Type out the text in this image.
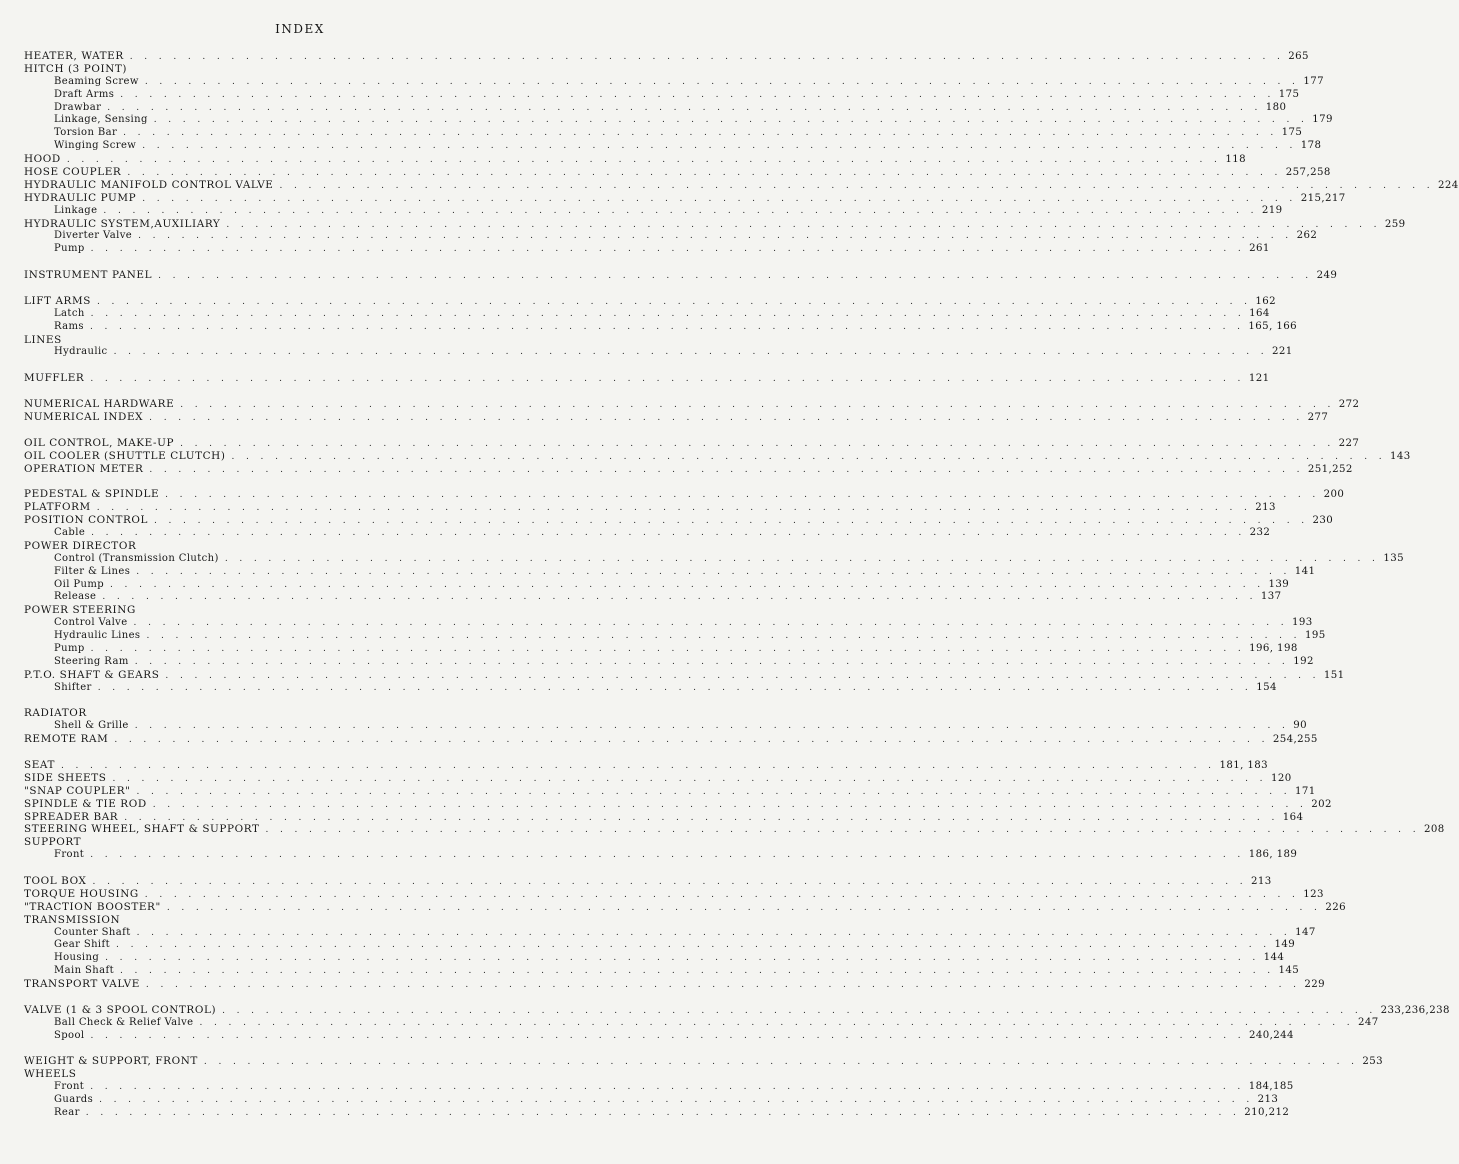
INDEX
HEATER, WATER . . . . . . . . . . . . . . . . . . . . . . . . . . . . . . . . . . . . . . . . . . . . . . . . . . . . . . . . . . . . . . . . . . . . . . . . . . . . . . . . 265
HITCH (3 POINT)
Beaming Screw . . . . . . . . . . . . . . . . . . . . . . . . . . . . . . . . . . . . . . . . . . . . . . . . . . . . . . . . . . . . . . . . . . . . . . . . . . . . . . . . 177
Draft Arms . . . . . . . . . . . . . . . . . . . . . . . . . . . . . . . . . . . . . . . . . . . . . . . . . . . . . . . . . . . . . . . . . . . . . . . . . . . . . . . . 175
Drawbar . . . . . . . . . . . . . . . . . . . . . . . . . . . . . . . . . . . . . . . . . . . . . . . . . . . . . . . . . . . . . . . . . . . . . . . . . . . . . . . . 180
Linkage, Sensing . . . . . . . . . . . . . . . . . . . . . . . . . . . . . . . . . . . . . . . . . . . . . . . . . . . . . . . . . . . . . . . . . . . . . . . . . . . . . . . . 179
Torsion Bar . . . . . . . . . . . . . . . . . . . . . . . . . . . . . . . . . . . . . . . . . . . . . . . . . . . . . . . . . . . . . . . . . . . . . . . . . . . . . . . . 175
Winging Screw . . . . . . . . . . . . . . . . . . . . . . . . . . . . . . . . . . . . . . . . . . . . . . . . . . . . . . . . . . . . . . . . . . . . . . . . . . . . . . . . 178
HOOD . . . . . . . . . . . . . . . . . . . . . . . . . . . . . . . . . . . . . . . . . . . . . . . . . . . . . . . . . . . . . . . . . . . . . . . . . . . . . . . . 118
HOSE COUPLER . . . . . . . . . . . . . . . . . . . . . . . . . . . . . . . . . . . . . . . . . . . . . . . . . . . . . . . . . . . . . . . . . . . . . . . . . . . . . . . . 257,258
HYDRAULIC MANIFOLD CONTROL VALVE . . . . . . . . . . . . . . . . . . . . . . . . . . . . . . . . . . . . . . . . . . . . . . . . . . . . . . . . . . . . . . . . . . . . . . . . . . . . . . . . 224
HYDRAULIC PUMP . . . . . . . . . . . . . . . . . . . . . . . . . . . . . . . . . . . . . . . . . . . . . . . . . . . . . . . . . . . . . . . . . . . . . . . . . . . . . . . . 215,217
Linkage . . . . . . . . . . . . . . . . . . . . . . . . . . . . . . . . . . . . . . . . . . . . . . . . . . . . . . . . . . . . . . . . . . . . . . . . . . . . . . . . 219
HYDRAULIC SYSTEM,AUXILIARY . . . . . . . . . . . . . . . . . . . . . . . . . . . . . . . . . . . . . . . . . . . . . . . . . . . . . . . . . . . . . . . . . . . . . . . . . . . . . . . . 259
Diverter Valve . . . . . . . . . . . . . . . . . . . . . . . . . . . . . . . . . . . . . . . . . . . . . . . . . . . . . . . . . . . . . . . . . . . . . . . . . . . . . . . . 262
Pump . . . . . . . . . . . . . . . . . . . . . . . . . . . . . . . . . . . . . . . . . . . . . . . . . . . . . . . . . . . . . . . . . . . . . . . . . . . . . . . . 261
INSTRUMENT PANEL . . . . . . . . . . . . . . . . . . . . . . . . . . . . . . . . . . . . . . . . . . . . . . . . . . . . . . . . . . . . . . . . . . . . . . . . . . . . . . . . 249
LIFT ARMS . . . . . . . . . . . . . . . . . . . . . . . . . . . . . . . . . . . . . . . . . . . . . . . . . . . . . . . . . . . . . . . . . . . . . . . . . . . . . . . . 162
Latch . . . . . . . . . . . . . . . . . . . . . . . . . . . . . . . . . . . . . . . . . . . . . . . . . . . . . . . . . . . . . . . . . . . . . . . . . . . . . . . . 164
Rams . . . . . . . . . . . . . . . . . . . . . . . . . . . . . . . . . . . . . . . . . . . . . . . . . . . . . . . . . . . . . . . . . . . . . . . . . . . . . . . . 165, 166
LINES
Hydraulic . . . . . . . . . . . . . . . . . . . . . . . . . . . . . . . . . . . . . . . . . . . . . . . . . . . . . . . . . . . . . . . . . . . . . . . . . . . . . . . . 221
MUFFLER . . . . . . . . . . . . . . . . . . . . . . . . . . . . . . . . . . . . . . . . . . . . . . . . . . . . . . . . . . . . . . . . . . . . . . . . . . . . . . . . 121
NUMERICAL HARDWARE . . . . . . . . . . . . . . . . . . . . . . . . . . . . . . . . . . . . . . . . . . . . . . . . . . . . . . . . . . . . . . . . . . . . . . . . . . . . . . . . 272
NUMERICAL INDEX . . . . . . . . . . . . . . . . . . . . . . . . . . . . . . . . . . . . . . . . . . . . . . . . . . . . . . . . . . . . . . . . . . . . . . . . . . . . . . . . 277
OIL CONTROL, MAKE-UP . . . . . . . . . . . . . . . . . . . . . . . . . . . . . . . . . . . . . . . . . . . . . . . . . . . . . . . . . . . . . . . . . . . . . . . . . . . . . . . . 227
OIL COOLER (SHUTTLE CLUTCH) . . . . . . . . . . . . . . . . . . . . . . . . . . . . . . . . . . . . . . . . . . . . . . . . . . . . . . . . . . . . . . . . . . . . . . . . . . . . . . . . 143
OPERATION METER . . . . . . . . . . . . . . . . . . . . . . . . . . . . . . . . . . . . . . . . . . . . . . . . . . . . . . . . . . . . . . . . . . . . . . . . . . . . . . . . 251,252
PEDESTAL & SPINDLE . . . . . . . . . . . . . . . . . . . . . . . . . . . . . . . . . . . . . . . . . . . . . . . . . . . . . . . . . . . . . . . . . . . . . . . . . . . . . . . . 200
PLATFORM . . . . . . . . . . . . . . . . . . . . . . . . . . . . . . . . . . . . . . . . . . . . . . . . . . . . . . . . . . . . . . . . . . . . . . . . . . . . . . . . 213
POSITION CONTROL . . . . . . . . . . . . . . . . . . . . . . . . . . . . . . . . . . . . . . . . . . . . . . . . . . . . . . . . . . . . . . . . . . . . . . . . . . . . . . . . 230
Cable . . . . . . . . . . . . . . . . . . . . . . . . . . . . . . . . . . . . . . . . . . . . . . . . . . . . . . . . . . . . . . . . . . . . . . . . . . . . . . . . 232
POWER DIRECTOR
Control (Transmission Clutch) . . . . . . . . . . . . . . . . . . . . . . . . . . . . . . . . . . . . . . . . . . . . . . . . . . . . . . . . . . . . . . . . . . . . . . . . . . . . . . . . 135
Filter & Lines . . . . . . . . . . . . . . . . . . . . . . . . . . . . . . . . . . . . . . . . . . . . . . . . . . . . . . . . . . . . . . . . . . . . . . . . . . . . . . . . 141
Oil Pump . . . . . . . . . . . . . . . . . . . . . . . . . . . . . . . . . . . . . . . . . . . . . . . . . . . . . . . . . . . . . . . . . . . . . . . . . . . . . . . . 139
Release . . . . . . . . . . . . . . . . . . . . . . . . . . . . . . . . . . . . . . . . . . . . . . . . . . . . . . . . . . . . . . . . . . . . . . . . . . . . . . . . 137
POWER STEERING
Control Valve . . . . . . . . . . . . . . . . . . . . . . . . . . . . . . . . . . . . . . . . . . . . . . . . . . . . . . . . . . . . . . . . . . . . . . . . . . . . . . . . 193
Hydraulic Lines . . . . . . . . . . . . . . . . . . . . . . . . . . . . . . . . . . . . . . . . . . . . . . . . . . . . . . . . . . . . . . . . . . . . . . . . . . . . . . . . 195
Pump . . . . . . . . . . . . . . . . . . . . . . . . . . . . . . . . . . . . . . . . . . . . . . . . . . . . . . . . . . . . . . . . . . . . . . . . . . . . . . . . 196, 198
Steering Ram . . . . . . . . . . . . . . . . . . . . . . . . . . . . . . . . . . . . . . . . . . . . . . . . . . . . . . . . . . . . . . . . . . . . . . . . . . . . . . . . 192
P.T.O. SHAFT & GEARS . . . . . . . . . . . . . . . . . . . . . . . . . . . . . . . . . . . . . . . . . . . . . . . . . . . . . . . . . . . . . . . . . . . . . . . . . . . . . . . . 151
Shifter . . . . . . . . . . . . . . . . . . . . . . . . . . . . . . . . . . . . . . . . . . . . . . . . . . . . . . . . . . . . . . . . . . . . . . . . . . . . . . . . 154
RADIATOR
Shell & Grille . . . . . . . . . . . . . . . . . . . . . . . . . . . . . . . . . . . . . . . . . . . . . . . . . . . . . . . . . . . . . . . . . . . . . . . . . . . . . . . . 90
REMOTE RAM . . . . . . . . . . . . . . . . . . . . . . . . . . . . . . . . . . . . . . . . . . . . . . . . . . . . . . . . . . . . . . . . . . . . . . . . . . . . . . . . 254,255
SEAT . . . . . . . . . . . . . . . . . . . . . . . . . . . . . . . . . . . . . . . . . . . . . . . . . . . . . . . . . . . . . . . . . . . . . . . . . . . . . . . . 181, 183
SIDE SHEETS . . . . . . . . . . . . . . . . . . . . . . . . . . . . . . . . . . . . . . . . . . . . . . . . . . . . . . . . . . . . . . . . . . . . . . . . . . . . . . . . 120
"SNAP COUPLER" . . . . . . . . . . . . . . . . . . . . . . . . . . . . . . . . . . . . . . . . . . . . . . . . . . . . . . . . . . . . . . . . . . . . . . . . . . . . . . . . 171
SPINDLE & TIE ROD . . . . . . . . . . . . . . . . . . . . . . . . . . . . . . . . . . . . . . . . . . . . . . . . . . . . . . . . . . . . . . . . . . . . . . . . . . . . . . . . 202
SPREADER BAR . . . . . . . . . . . . . . . . . . . . . . . . . . . . . . . . . . . . . . . . . . . . . . . . . . . . . . . . . . . . . . . . . . . . . . . . . . . . . . . . 164
STEERING WHEEL, SHAFT & SUPPORT . . . . . . . . . . . . . . . . . . . . . . . . . . . . . . . . . . . . . . . . . . . . . . . . . . . . . . . . . . . . . . . . . . . . . . . . . . . . . . . . 208
SUPPORT
Front . . . . . . . . . . . . . . . . . . . . . . . . . . . . . . . . . . . . . . . . . . . . . . . . . . . . . . . . . . . . . . . . . . . . . . . . . . . . . . . . 186, 189
TOOL BOX . . . . . . . . . . . . . . . . . . . . . . . . . . . . . . . . . . . . . . . . . . . . . . . . . . . . . . . . . . . . . . . . . . . . . . . . . . . . . . . . 213
TORQUE HOUSING . . . . . . . . . . . . . . . . . . . . . . . . . . . . . . . . . . . . . . . . . . . . . . . . . . . . . . . . . . . . . . . . . . . . . . . . . . . . . . . . 123
"TRACTION BOOSTER" . . . . . . . . . . . . . . . . . . . . . . . . . . . . . . . . . . . . . . . . . . . . . . . . . . . . . . . . . . . . . . . . . . . . . . . . . . . . . . . . 226
TRANSMISSION
Counter Shaft . . . . . . . . . . . . . . . . . . . . . . . . . . . . . . . . . . . . . . . . . . . . . . . . . . . . . . . . . . . . . . . . . . . . . . . . . . . . . . . . 147
Gear Shift . . . . . . . . . . . . . . . . . . . . . . . . . . . . . . . . . . . . . . . . . . . . . . . . . . . . . . . . . . . . . . . . . . . . . . . . . . . . . . . . 149
Housing . . . . . . . . . . . . . . . . . . . . . . . . . . . . . . . . . . . . . . . . . . . . . . . . . . . . . . . . . . . . . . . . . . . . . . . . . . . . . . . . 144
Main Shaft . . . . . . . . . . . . . . . . . . . . . . . . . . . . . . . . . . . . . . . . . . . . . . . . . . . . . . . . . . . . . . . . . . . . . . . . . . . . . . . . 145
TRANSPORT VALVE . . . . . . . . . . . . . . . . . . . . . . . . . . . . . . . . . . . . . . . . . . . . . . . . . . . . . . . . . . . . . . . . . . . . . . . . . . . . . . . . 229
VALVE (1 & 3 SPOOL CONTROL) . . . . . . . . . . . . . . . . . . . . . . . . . . . . . . . . . . . . . . . . . . . . . . . . . . . . . . . . . . . . . . . . . . . . . . . . . . . . . . . . 233,236,238
Ball Check & Relief Valve . . . . . . . . . . . . . . . . . . . . . . . . . . . . . . . . . . . . . . . . . . . . . . . . . . . . . . . . . . . . . . . . . . . . . . . . . . . . . . . . 247
Spool . . . . . . . . . . . . . . . . . . . . . . . . . . . . . . . . . . . . . . . . . . . . . . . . . . . . . . . . . . . . . . . . . . . . . . . . . . . . . . . . 240,244
WEIGHT & SUPPORT, FRONT . . . . . . . . . . . . . . . . . . . . . . . . . . . . . . . . . . . . . . . . . . . . . . . . . . . . . . . . . . . . . . . . . . . . . . . . . . . . . . . . 253
WHEELS
Front . . . . . . . . . . . . . . . . . . . . . . . . . . . . . . . . . . . . . . . . . . . . . . . . . . . . . . . . . . . . . . . . . . . . . . . . . . . . . . . . 184,185
Guards . . . . . . . . . . . . . . . . . . . . . . . . . . . . . . . . . . . . . . . . . . . . . . . . . . . . . . . . . . . . . . . . . . . . . . . . . . . . . . . . 213
Rear . . . . . . . . . . . . . . . . . . . . . . . . . . . . . . . . . . . . . . . . . . . . . . . . . . . . . . . . . . . . . . . . . . . . . . . . . . . . . . . . 210,212
